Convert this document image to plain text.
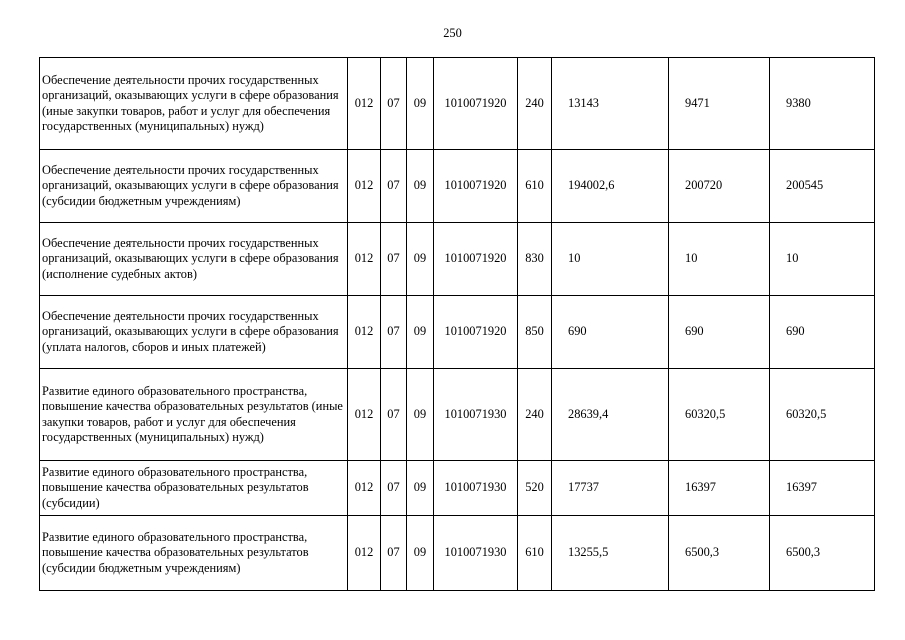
250
Обеспечение деятельности прочих государственных организаций, оказывающих услуги в сфере образования (иные закупки товаров, работ и услуг для обеспечения государственных (муниципальных) нужд)	012	07	09	1010071920	240	13143	9471	9380
Обеспечение деятельности прочих государственных организаций, оказывающих услуги в сфере образования (субсидии бюджетным учреждениям)	012	07	09	1010071920	610	194002,6	200720	200545
Обеспечение деятельности прочих государственных организаций, оказывающих услуги в сфере образования (исполнение судебных актов)	012	07	09	1010071920	830	10	10	10
Обеспечение деятельности прочих государственных организаций, оказывающих услуги в сфере образования (уплата налогов, сборов и иных платежей)	012	07	09	1010071920	850	690	690	690
Развитие единого образовательного пространства, повышение качества образовательных результатов (иные закупки товаров, работ и услуг для обеспечения государственных (муниципальных) нужд)	012	07	09	1010071930	240	28639,4	60320,5	60320,5
Развитие единого образовательного пространства, повышение качества образовательных результатов (субсидии)	012	07	09	1010071930	520	17737	16397	16397
Развитие единого образовательного пространства, повышение качества образовательных результатов (субсидии бюджетным учреждениям)	012	07	09	1010071930	610	13255,5	6500,3	6500,3
